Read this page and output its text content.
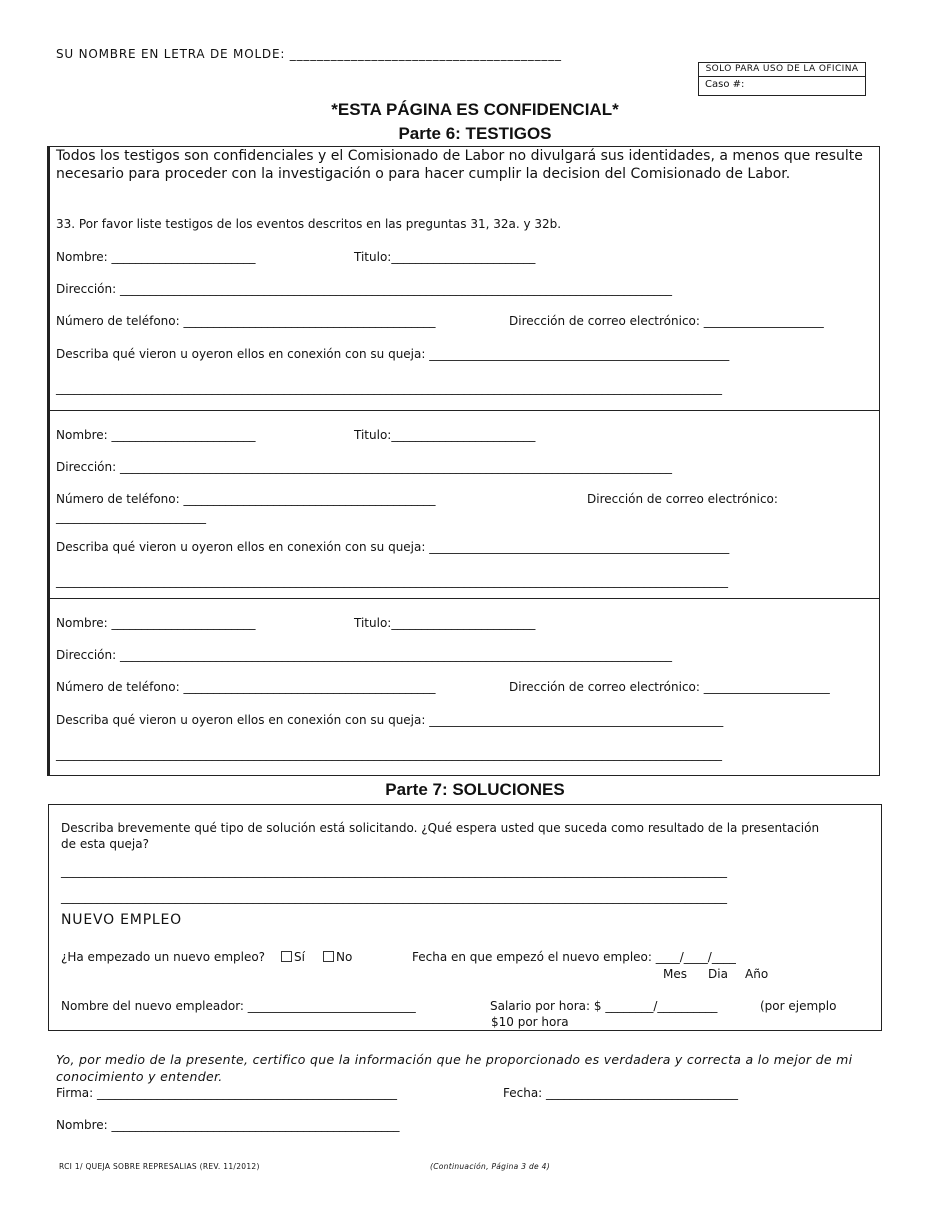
SU NOMBRE EN LETRA DE MOLDE: ________________________________________
SOLO PARA USO DE LA OFICINA
Caso #:
*ESTA PÁGINA ES CONFIDENCIAL*
Parte 6: TESTIGOS
Todos los testigos son confidenciales y el Comisionado de Labor no divulgará sus identidades, a menos que resulte necesario para proceder con la investigación o para hacer cumplir la decision del Comisionado de Labor.
33. Por favor liste testigos de los eventos descritos en las preguntas 31, 32a. y 32b.
Nombre: ________________________	Titulo:________________________
Dirección: ____________________________________________________________________________________________
Número de teléfono: __________________________________________	Dirección de correo electrónico: ____________________
Describa qué vieron u oyeron ellos en conexión con su queja: __________________________________________________
_______________________________________________________________________________________________________________
Nombre: ________________________	Titulo:________________________
Dirección: ____________________________________________________________________________________________
Número de teléfono: __________________________________________	Dirección de correo electrónico:
_________________________
Describa qué vieron u oyeron ellos en conexión con su queja: __________________________________________________
________________________________________________________________________________________________________________
Nombre: ________________________	Titulo:________________________
Dirección: ____________________________________________________________________________________________
Número de teléfono: __________________________________________	Dirección de correo electrónico: _____________________
Describa qué vieron u oyeron ellos en conexión con su queja: _________________________________________________
_______________________________________________________________________________________________________________
Parte 7: SOLUCIONES
Describa brevemente qué tipo de solución está solicitando. ¿Qué espera usted que suceda como resultado de la presentación
de esta queja?
_______________________________________________________________________________________________________________
_______________________________________________________________________________________________________________
NUEVO EMPLEO
¿Ha empezado un nuevo empleo?	Sí	No	Fecha en que empezó el nuevo empleo: ____/____/____
Mes Dia Año
Nombre del nuevo empleador: ____________________________	Salario por hora: $ ________/__________	(por ejemplo
$10 por hora
Yo, por medio de la presente, certifico que la información que he proporcionado es verdadera y correcta a lo mejor de mi
conocimiento y entender.
Firma: __________________________________________________	Fecha: ________________________________
Nombre: ________________________________________________
RCI 1/ QUEJA SOBRE REPRESALIAS (REV. 11/2012)	(Continuación, Página 3 de 4)
